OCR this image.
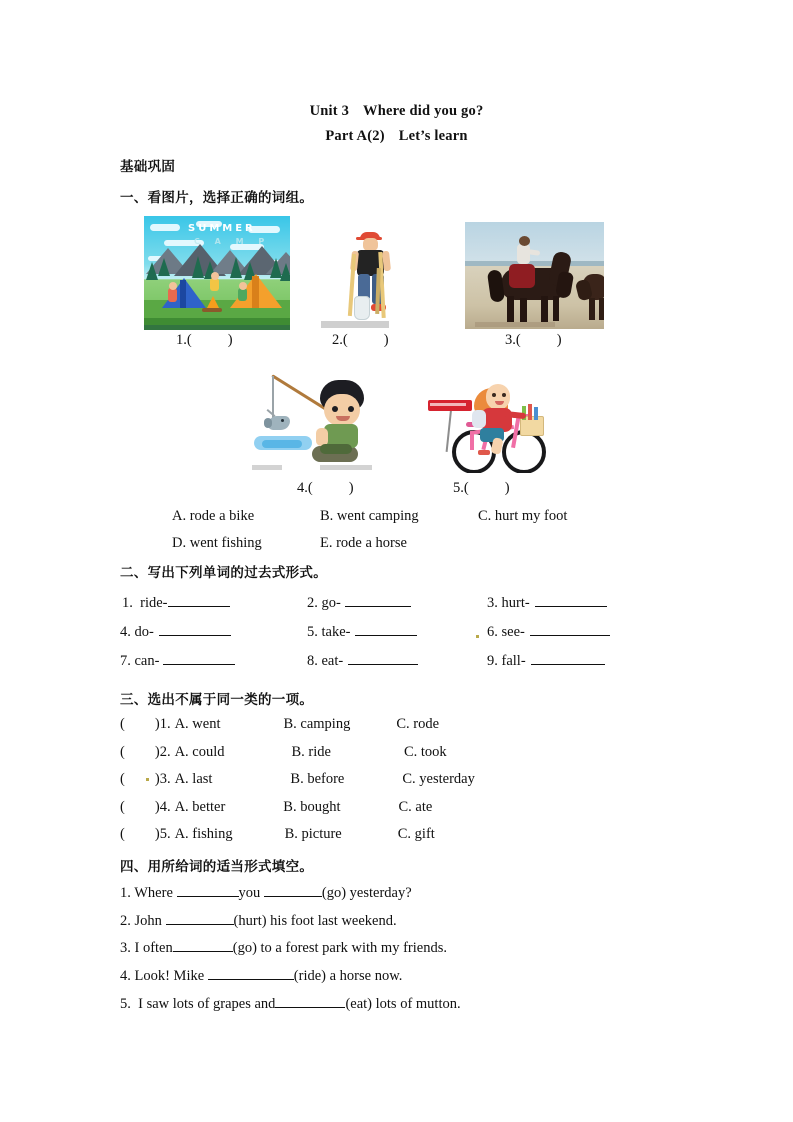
Unit 3 Where did you go?
Part A(2) Let’s learn
基础巩固
一、看图片，选择正确的词组。
SUMMER
C A M P
1.( )	2.( )	3.( )
4.( )	5.( )
A. rode a bike	B. went camping	C. hurt my foot
D. went fishing	E. rode a horse
二、写出下列单词的过去式形式。
1.  ride-	2. go-	3. hurt-
4. do-	5. take-	6. see-
7. can-	8. eat-	9. fall-
三、选出不属于同一类的一项。
( )1. A. went	B. camping	C. rode
( )2. A. could	B. ride	C. took
( )3. A. last	B. before	C. yesterday
( )4. A. better	B. bought	C. ate
( )5. A. fishing	B. picture	C. gift
四、用所给词的适当形式填空。
1. Where	you	(go) yesterday?
2. John	(hurt) his foot last weekend.
3. I often	(go) to a forest park with my friends.
4. Look! Mike	(ride) a horse now.
5.  I saw lots of grapes and	(eat) lots of mutton.
